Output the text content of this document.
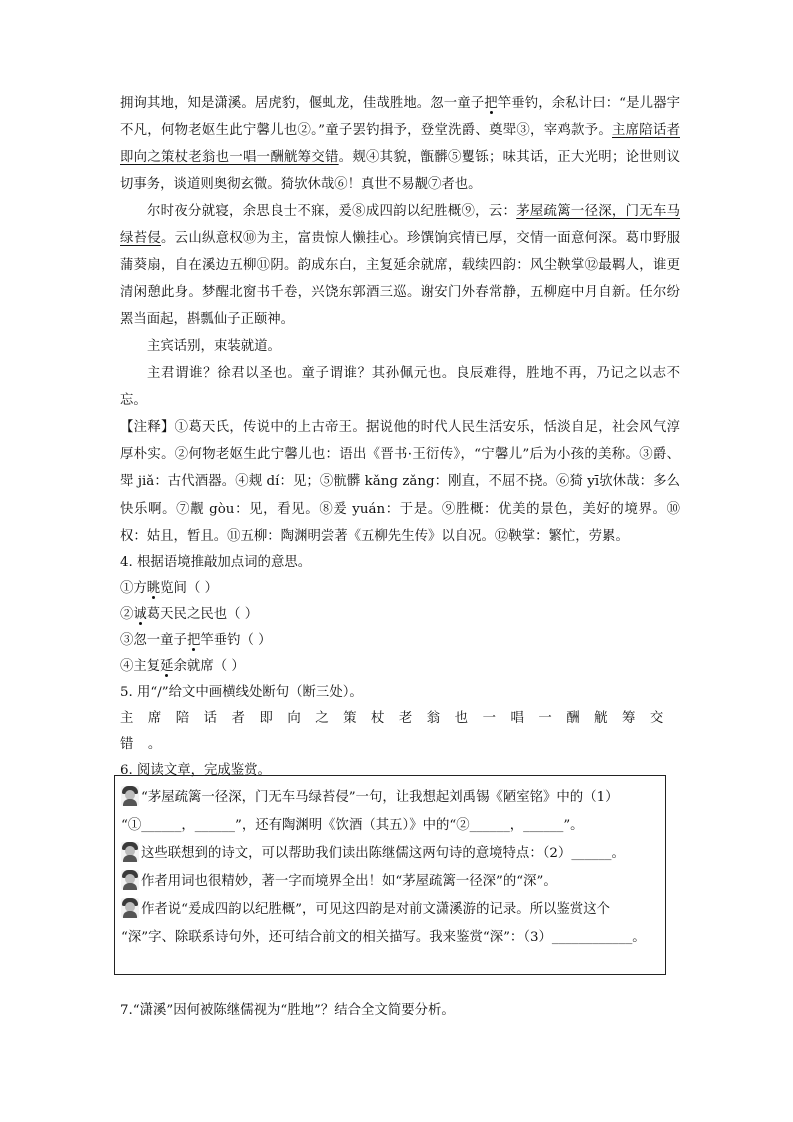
拥询其地，知是潇溪。居虎豹，偃虬龙，佳哉胜地。忽一童子把竿垂钓，余私计曰：“是儿器宇不凡，何物老妪生此宁馨儿也②。”童子罢钓揖予，登堂洗爵、奠斝③，宰鸡款予。主席陪话者即向之策杖老翁也一唱一酬觥筹交错。觌④其貌，甑髒⑤矍铄；味其话，正大光明；论世则议切事务，谈道则奥彻玄微。猗欤休哉⑥！真世不易觏⑦者也。

尔时夜分就寝，余思良士不寐，爰⑧成四韵以纪胜概⑨，云：茅屋疏篱一径深，门无车马绿苔侵。云山纵意权⑩为主，富贵惊人懒挂心。珍馔饷宾情已厚，交情一面意何深。葛巾野服蒲葵扇，自在溪边五柳⑪阴。韵成东白，主复延余就席，载续四韵：风尘鞅掌⑫最羁人，谁更清闲憩此身。梦醒北窗书千卷，兴饶东郭酒三巡。谢安门外春常静，五柳庭中月自新。任尔纷罴当面起，斟瓢仙子正颐神。

主宾话别，束装就道。

主君谓谁？徐君以圣也。童子谓谁？其孙佩元也。良辰难得，胜地不再，乃记之以志不忘。

【注释】①葛天氏，传说中的上古帝王。据说他的时代人民生活安乐，恬淡自足，社会风气淳厚朴实。②何物老妪生此宁馨儿也：语出《晋书·王衍传》，“宁馨儿”后为小孩的美称。③爵、斝 jiǎ：古代酒器。④觌 dí：见；⑤骯髒 kǎng zǎng：刚直，不屈不挠。⑥猗 yī欤休哉：多么快乐啊。⑦觏 gòu：见，看见。⑧爰 yuán：于是。⑨胜概：优美的景色，美好的境界。⑩权：姑且，暂且。⑪五柳：陶渊明尝著《五柳先生传》以自况。⑫鞅掌：繁忙，劳累。

4. 根据语境推敲加点词的意思。

①方眺览间（ ）

②诚葛天民之民也（ ）

③忽一童子把竿垂钓（ ）

④主复延余就席（ ）

5. 用“/”给文中画横线处断句（断三处）。

主席陪话者即向之策杖老翁也一唱一酬觥筹交错。

6. 阅读文章，完成鉴赏。

“茅屋疏篱一径深，门无车马绿苔侵”一句，让我想起刘禹锡《陋室铭》中的（1）

“①______，______”，还有陶渊明《饮酒（其五）》中的“②______，______”。

这些联想到的诗文，可以帮助我们读出陈继儒这两句诗的意境特点：（2）______。

作者用词也很精妙，著一字而境界全出！如“茅屋疏篱一径深”的“深”。

作者说“爰成四韵以纪胜概”，可见这四韵是对前文潇溪游的记录。所以鉴赏这个

“深”字、除联系诗句外，还可结合前文的相关描写。我来鉴赏“深”：（3）____________。

7.“潇溪”因何被陈继儒视为“胜地”？结合全文简要分析。
